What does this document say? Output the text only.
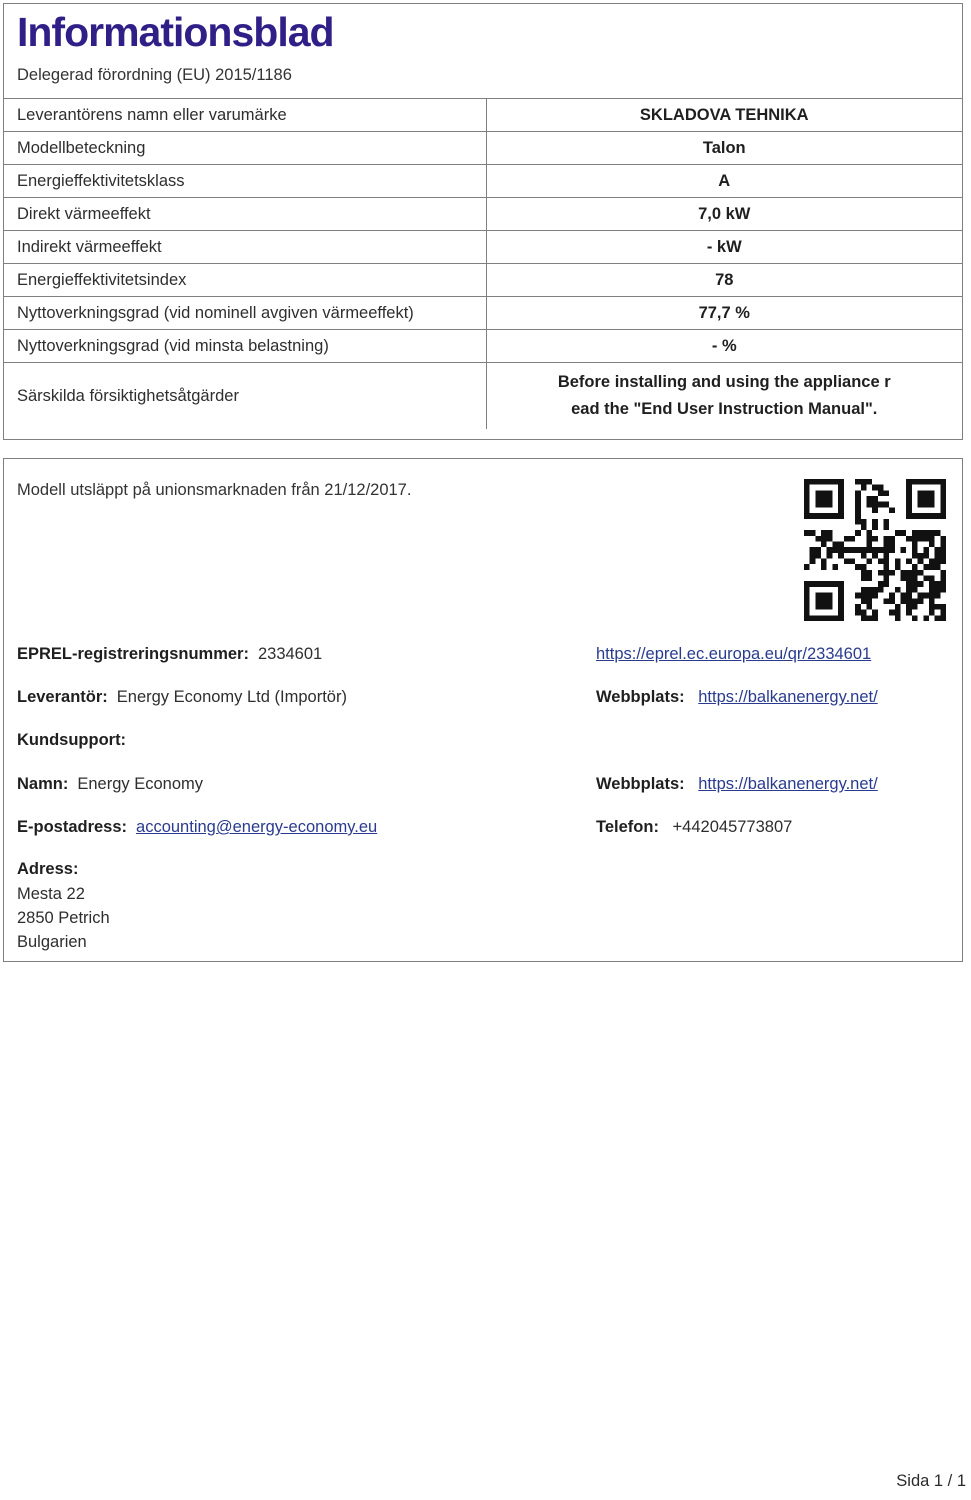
Informationsblad
Delegerad förordning (EU) 2015/1186
Leverantörens namn eller varumärke	SKLADOVA TEHNIKA
Modellbeteckning	Talon
Energieffektivitetsklass	A
Direkt värmeeffekt	7,0 kW
Indirekt värmeeffekt	- kW
Energieffektivitetsindex	78
Nyttoverkningsgrad (vid nominell avgiven värmeeffekt)	77,7 %
Nyttoverkningsgrad (vid minsta belastning)	- %
Särskilda försiktighetsåtgärder	Before installing and using the appliance r
ead the "End User Instruction Manual".
Modell utsläppt på unionsmarknaden från 21/12/2017.
EPREL-registreringsnummer: 2334601	https://eprel.ec.europa.eu/qr/2334601
Leverantör: Energy Economy Ltd (Importör)	Webbplats: https://balkanenergy.net/
Kundsupport:
Namn: Energy Economy	Webbplats: https://balkanenergy.net/
E-postadress: accounting@energy-economy.eu	Telefon: +442045773807
Adress:
Mesta 22
2850 Petrich
Bulgarien
Sida 1 / 1
